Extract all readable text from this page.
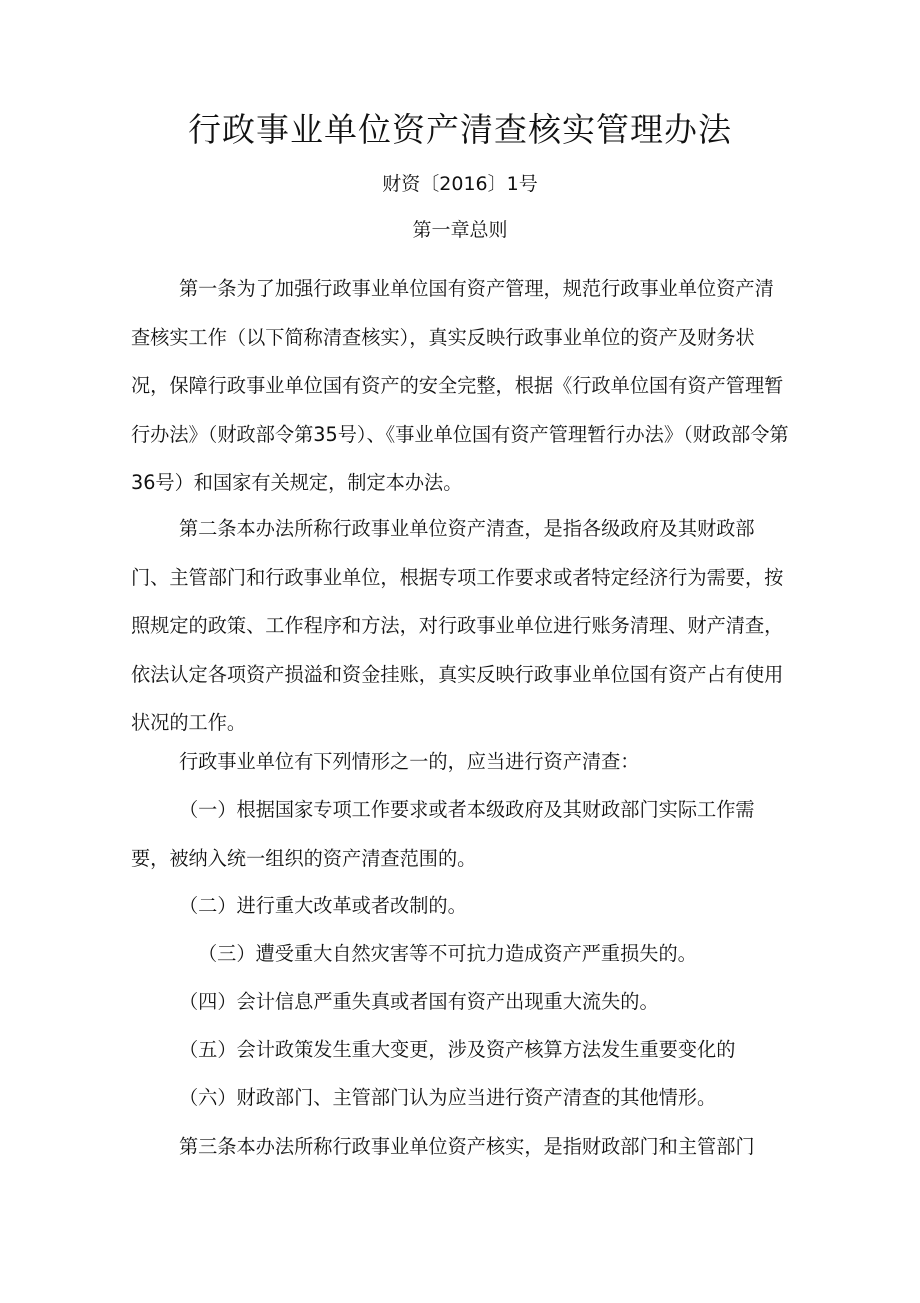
行政事业单位资产清查核实管理办法
财资〔2016〕1号
第一章总则

第一条为了加强行政事业单位国有资产管理，规范行政事业单位资产清查核实工作（以下简称清查核实），真实反映行政事业单位的资产及财务状况，保障行政事业单位国有资产的安全完整，根据《行政单位国有资产管理暂行办法》（财政部令第35号）、《事业单位国有资产管理暂行办法》（财政部令第36号）和国家有关规定，制定本办法。

第二条本办法所称行政事业单位资产清查，是指各级政府及其财政部门、主管部门和行政事业单位，根据专项工作要求或者特定经济行为需要，按照规定的政策、工作程序和方法，对行政事业单位进行账务清理、财产清查，依法认定各项资产损溢和资金挂账，真实反映行政事业单位国有资产占有使用状况的工作。

行政事业单位有下列情形之一的，应当进行资产清查：

（一）根据国家专项工作要求或者本级政府及其财政部门实际工作需要，被纳入统一组织的资产清查范围的。

（二）进行重大改革或者改制的。
（三）遭受重大自然灾害等不可抗力造成资产严重损失的。
（四）会计信息严重失真或者国有资产出现重大流失的。
（五）会计政策发生重大变更，涉及资产核算方法发生重要变化的
（六）财政部门、主管部门认为应当进行资产清查的其他情形。
第三条本办法所称行政事业单位资产核实，是指财政部门和主管部门
